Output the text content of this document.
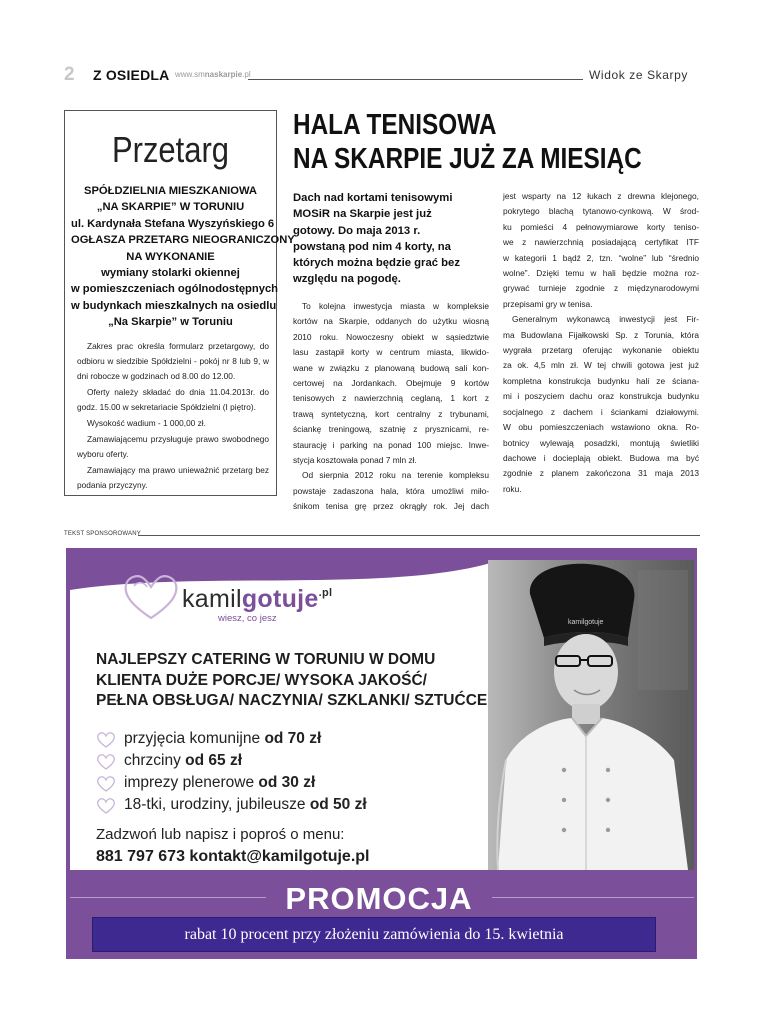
2 Z OSIEDLA www.smnaskarpie.pl	Widok ze Skarpy
Przetarg
SPÓŁDZIELNIA MIESZKANIOWA
„NA SKARPIE” W TORUNIU
ul. Kardynała Stefana Wyszyńskiego 6
OGŁASZA PRZETARG NIEOGRANICZONY
NA WYKONANIE
wymiany stolarki okiennej
w pomieszczeniach ogólnodostępnych
w budynkach mieszkalnych na osiedlu
„Na Skarpie” w Toruniu

Zakres prac określa formularz przetargowy, do odbioru w siedzibie Spółdzielni - pokój nr 8 lub 9, w dni robocze w godzinach od 8.00 do 12.00.

Oferty należy składać do dnia 11.04.2013r. do godz. 15.00 w sekretariacie Spółdzielni (I piętro).

Wysokość wadium - 1 000,00 zł.

Zamawiającemu przysługuje prawo swobodnego wyboru oferty.

Zamawiający ma prawo unieważnić przetarg bez podania przyczyny.

HALA TENISOWA
NA SKARPIE JUŻ ZA MIESIĄC
Dach nad kortami tenisowymi
MOSiR na Skarpie jest już
gotowy. Do maja 2013 r.
powstaną pod nim 4 korty, na
których można będzie grać bez
względu na pogodę.
To kolejna inwestycja miasta w kompleksie
kortów na Skarpie, oddanych do użytku wiosną
2010 roku. Nowoczesny obiekt w sąsiedztwie
lasu zastąpił korty w centrum miasta, likwido-
wane w związku z planowaną budową sali kon-
certowej na Jordankach. Obejmuje 9 kortów
tenisowych z nawierzchnią ceglaną, 1 kort z
trawą syntetyczną, kort centralny z trybunami,
ściankę treningową, szatnię z prysznicami, re-
staurację i parking na ponad 100 miejsc. Inwe-
stycja kosztowała ponad 7 mln zł.
Od sierpnia 2012 roku na terenie kompleksu
powstaje zadaszona hala, która umożliwi miło-
śnikom tenisa grę przez okrągły rok. Jej dach
jest wsparty na 12 łukach z drewna klejonego,
pokrytego blachą tytanowo-cynkową. W środ-
ku pomieści 4 pełnowymiarowe korty teniso-
we z nawierzchnią posiadającą certyfikat ITF
w kategorii 1 bądź 2, tzn. “wolne” lub “średnio
wolne”. Dzięki temu w hali będzie można roz-
grywać turnieje zgodnie z międzynarodowymi
przepisami gry w tenisa.
Generalnym wykonawcą inwestycji jest Fir-
ma Budowlana Fijałkowski Sp. z Torunia, która
wygrała przetarg oferując wykonanie obiektu
za ok. 4,5 mln zł. W tej chwili gotowa jest już
kompletna konstrukcja budynku hali ze ściana-
mi i poszyciem dachu oraz konstrukcja budynku
socjalnego z dachem i ściankami działowymi.
W obu pomieszczeniach wstawiono okna. Ro-
botnicy wylewają posadzki, montują świetliki
dachowe i docieplają obiekt. Budowa ma być
zgodnie z planem zakończona 31 maja 2013
roku.
TEKST SPONSOROWANY
kamilgotuje$^{.pl}$
wiesz, co jesz
NAJLEPSZY CATERING W TORUNIU W DOMU
KLIENTA DUŻE PORCJE/ WYSOKA JAKOŚĆ/
PEŁNA OBSŁUGA/ NACZYNIA/ SZKLANKI/ SZTUĆCE
przyjęcia komunijne od 70 zł
chrzciny od 65 zł
imprezy plenerowe od 30 zł
18-tki, urodziny, jubileusze od 50 zł
Zadzwoń lub napisz i poproś o menu:
881 797 673 kontakt@kamilgotuje.pl
kamilgotuje
PROMOCJA
rabat 10 procent przy złożeniu zamówienia do 15. kwietnia
